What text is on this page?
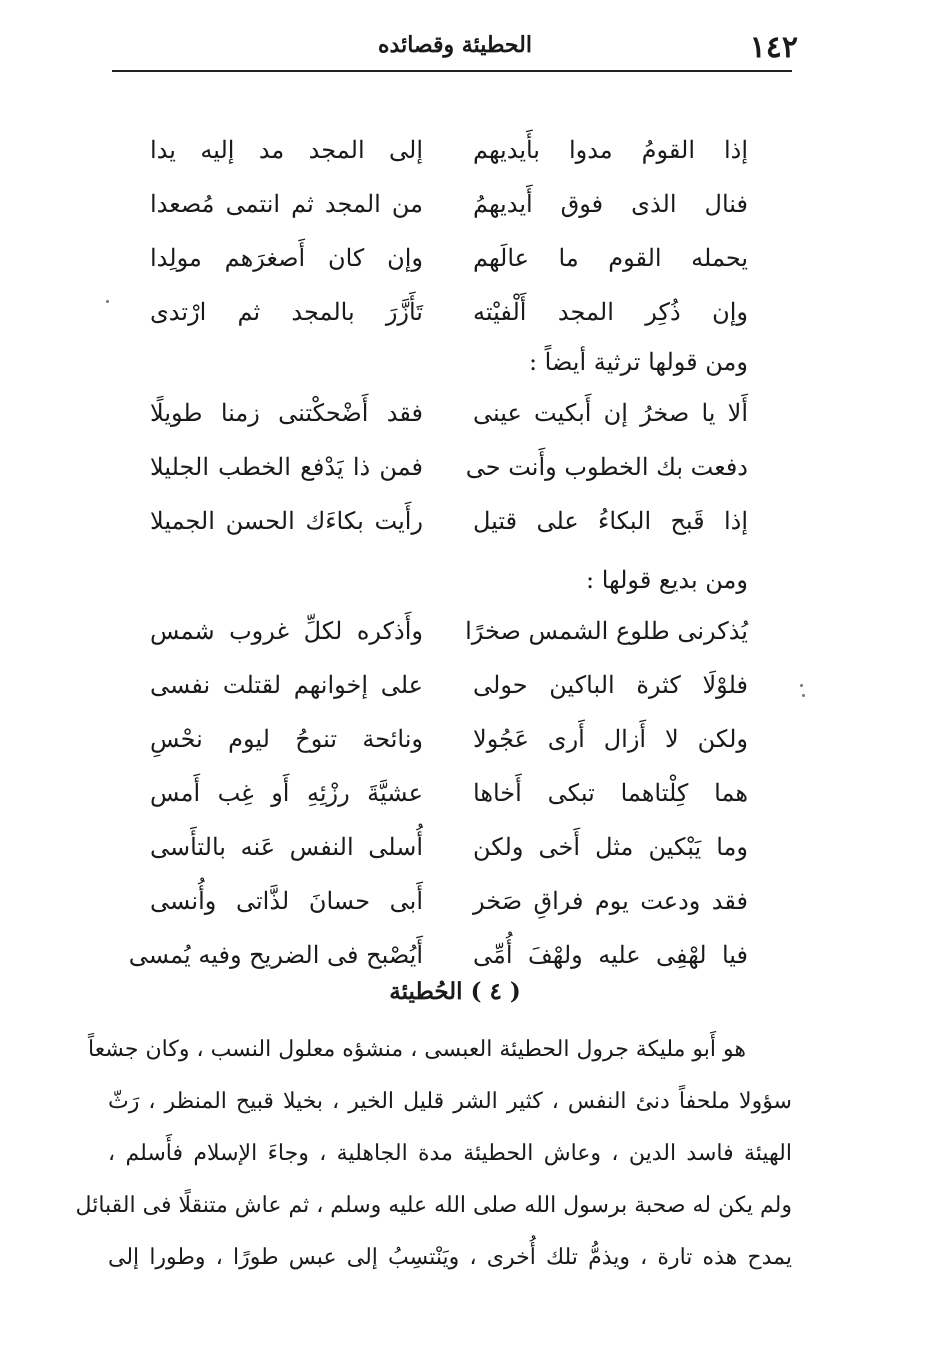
١٤٢
الحطيئة وقصائده
إذا القومُ مدوا بأَيديهم
إلى المجد مد إليه يدا
فنال الذى فوق أَيديهمُ
من المجد ثم انتمى مُصعدا
يحمله القوم ما عالَهم
وإن كان أَصغرَهم مولِدا
وإن ذُكِر المجد أَلْفيْته
تَأَزَّرَ بالمجد ثم ارْتدى
ومن قولها ترثية أيضاً :
أَلا يا صخرُ إن أَبكيت عينى
فقد أَضْحكْتنى زمنا طويلًا
دفعت بك الخطوب وأَنت حى
فمن ذا يَدْفع الخطب الجليلا
إذا قَبح البكاءُ على قتيل
رأَيت بكاءَك الحسن الجميلا
ومن بديع قولها :
يُذكرنى طلوع الشمس صخرًا
وأَذكره لكلِّ غروب شمس
فلوْلَا كثرة الباكين حولى
على إخوانهم لقتلت نفسى
ولكن لا أَزال أَرى عَجُولا
ونائحة تنوحُ ليوم نحْسِ
هما كِلْتاهما تبكى أَخاها
عشيَّةَ رزْئِهِ أَو غِب أَمس
وما يَبْكين مثل أَخى ولكن
أُسلى النفس عَنه بالتأَسى
فقد ودعت يوم فراقِ صَخر
أَبى حسانَ لذَّاتى وأُنسى
فيا لهْفِى عليه ولهْفَ أُمِّى
أَيُصْبح فى الضريح وفيه يُمسى
( ٤ ) الحُطيئة
هو أَبو مليكة جرول الحطيئة العبسى ، منشؤه معلول النسب ، وكان جشعاً
سؤولا ملحفاً دنئ النفس ، كثير الشر قليل الخير ، بخيلا قبيح المنظر ، رَثّ
الهيئة فاسد الدين ، وعاش الحطيئة مدة الجاهلية ، وجاءَ الإسلام فأَسلم ،
ولم يكن له صحبة برسول الله صلى الله عليه وسلم ، ثم عاش متنقلًا فى القبائل
يمدح هذه تارة ، ويذمُّ تلك أُخرى ، ويَنْتسِبُ إلى عبس طورًا ، وطورا إلى
